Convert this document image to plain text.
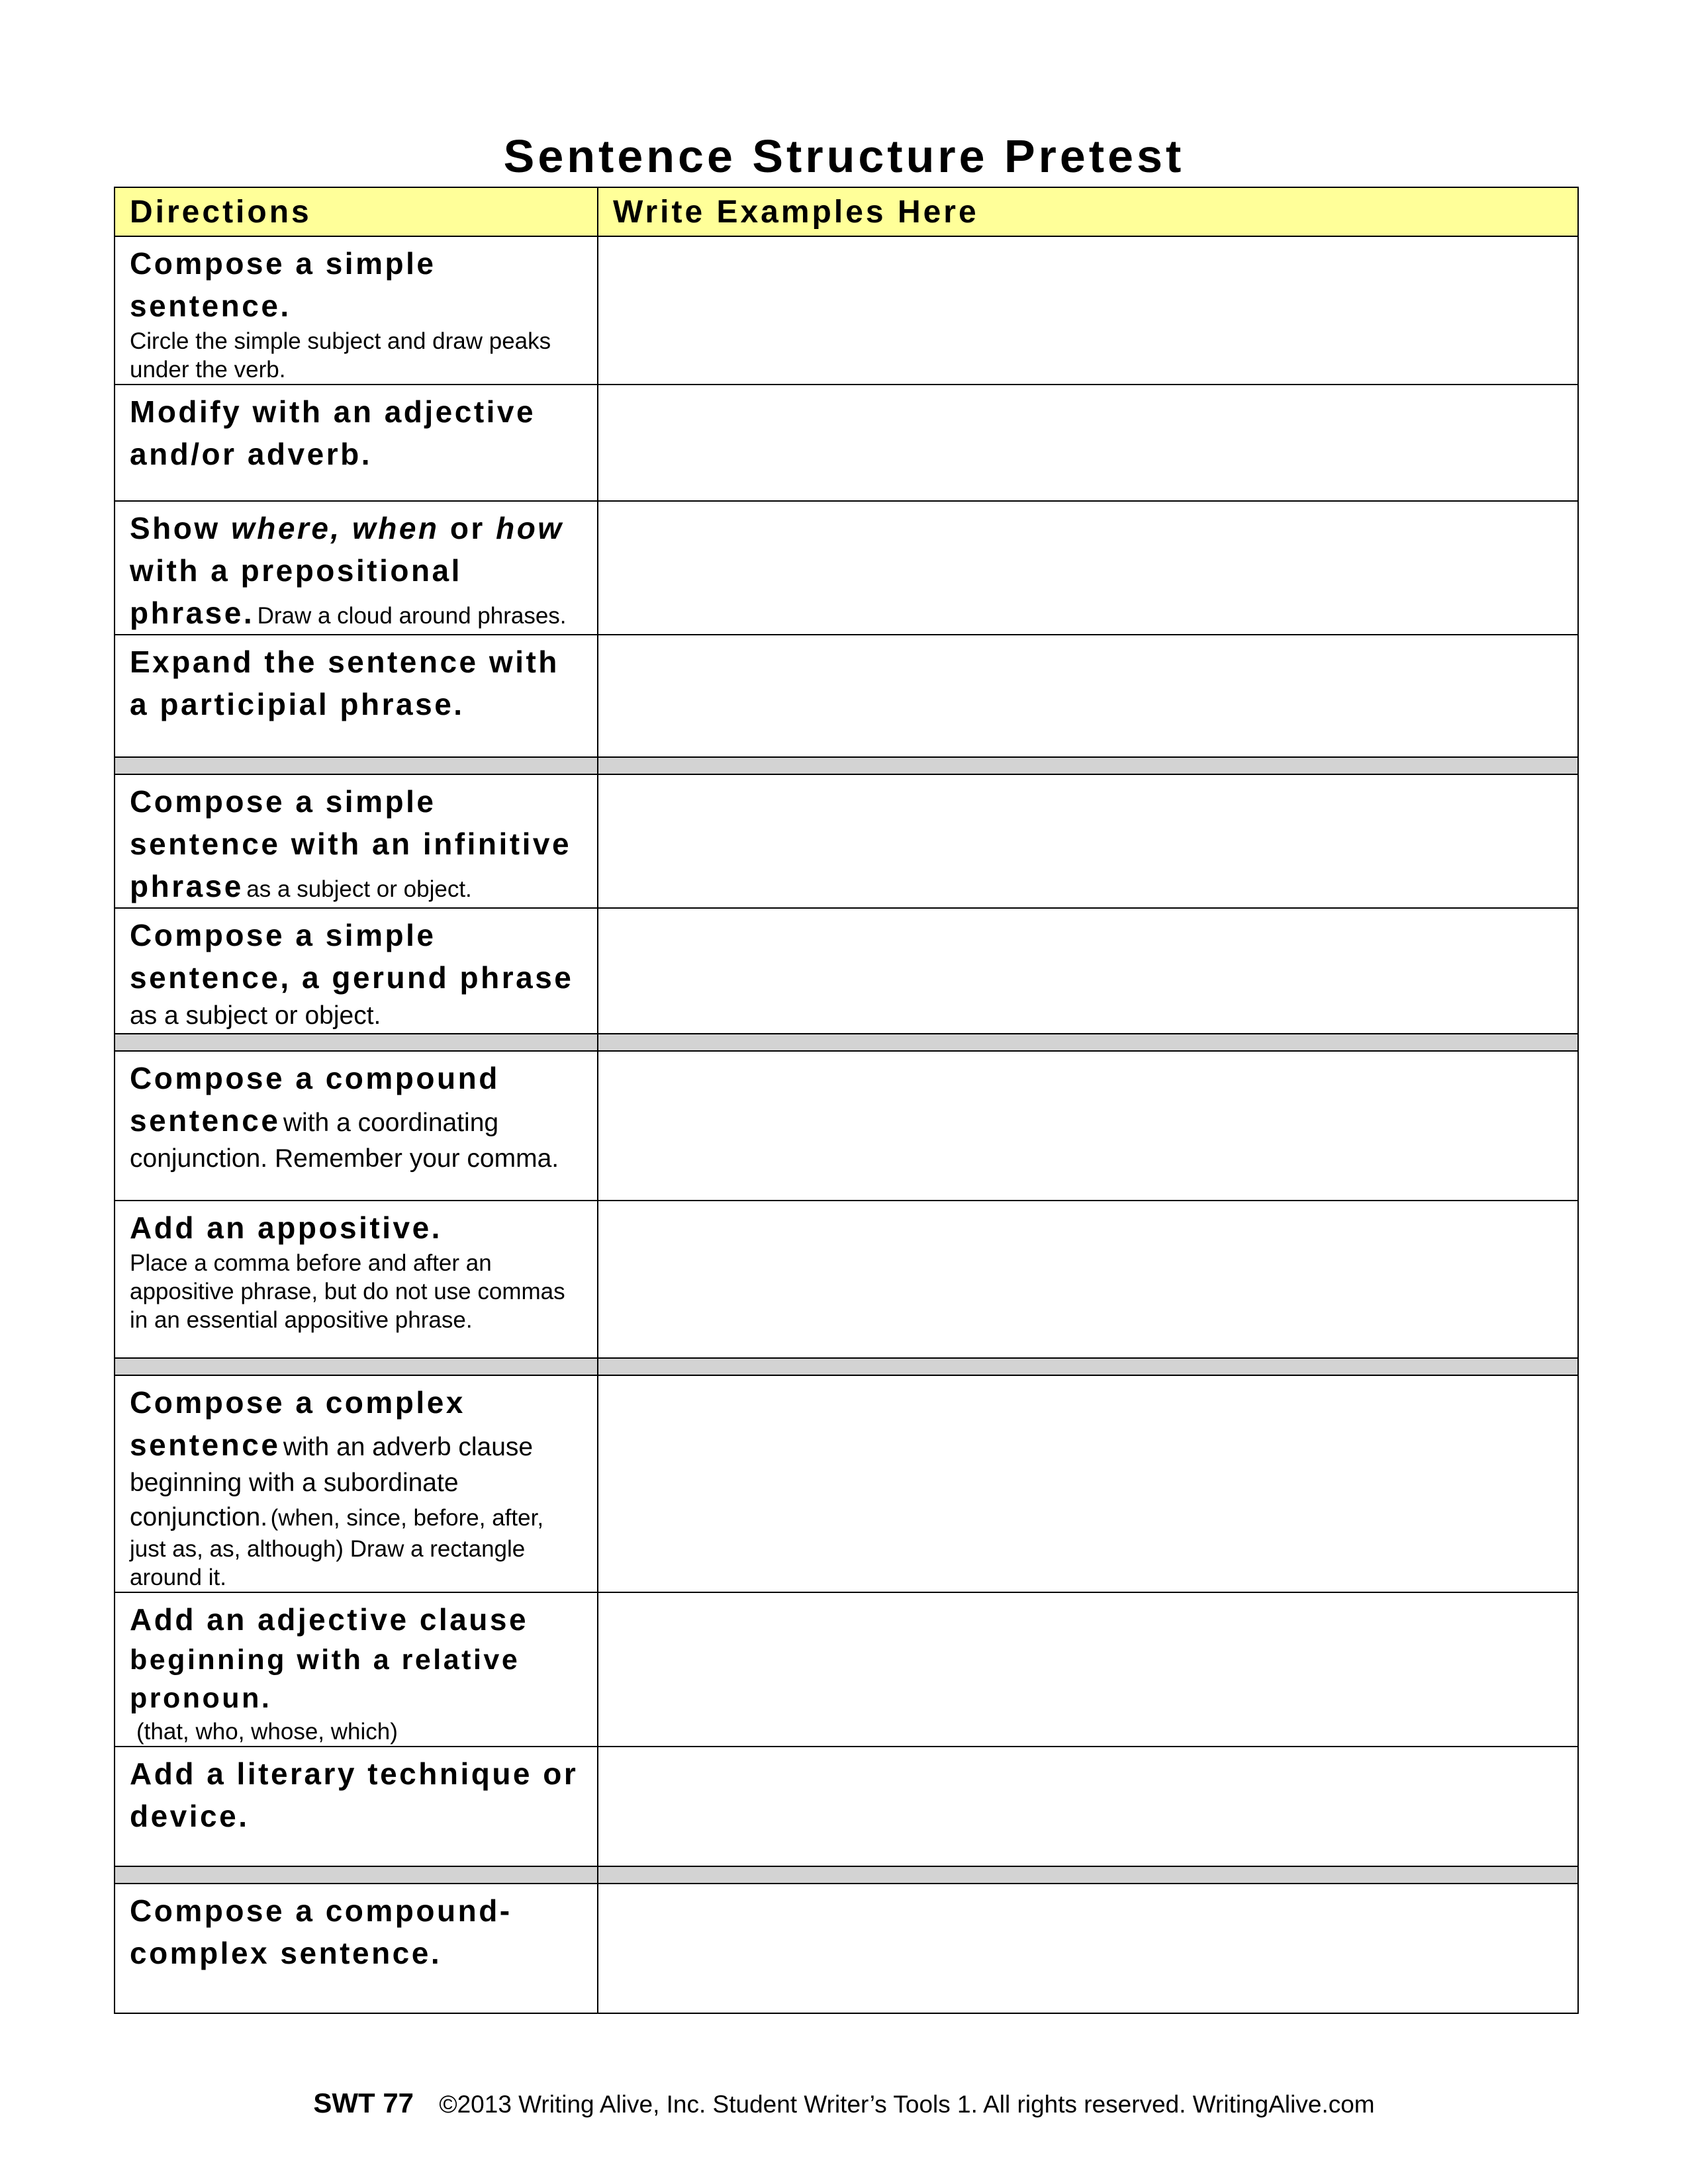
Sentence Structure Pretest
Directions	Write Examples Here

Compose a simple sentence.
Circle the simple subject and draw peaks under the verb.	

Modify with an adjective and/or adverb.	

Show where, when or how with a prepositional phrase. Draw a cloud around phrases.	

Expand the sentence with a participial phrase.	

Compose a simple sentence with an infinitive phrase as a subject or object.	

Compose a simple sentence, a gerund phrase
as a subject or object.	

Compose a compound sentence with a coordinating conjunction. Remember your comma.	

Add an appositive.
Place a comma before and after an appositive phrase, but do not use commas in an essential appositive phrase.	

Compose a complex sentence with an adverb clause beginning with a subordinate conjunction. (when, since, before, after, just as, as, although) Draw a rectangle around it.	

Add an adjective clause
beginning with a relative pronoun.
(that, who, whose, which)	

Add a literary technique or device.	

Compose a compound-complex sentence.	

SWT 77 ©2013 Writing Alive, Inc. Student Writer’s Tools 1. All rights reserved. WritingAlive.com
